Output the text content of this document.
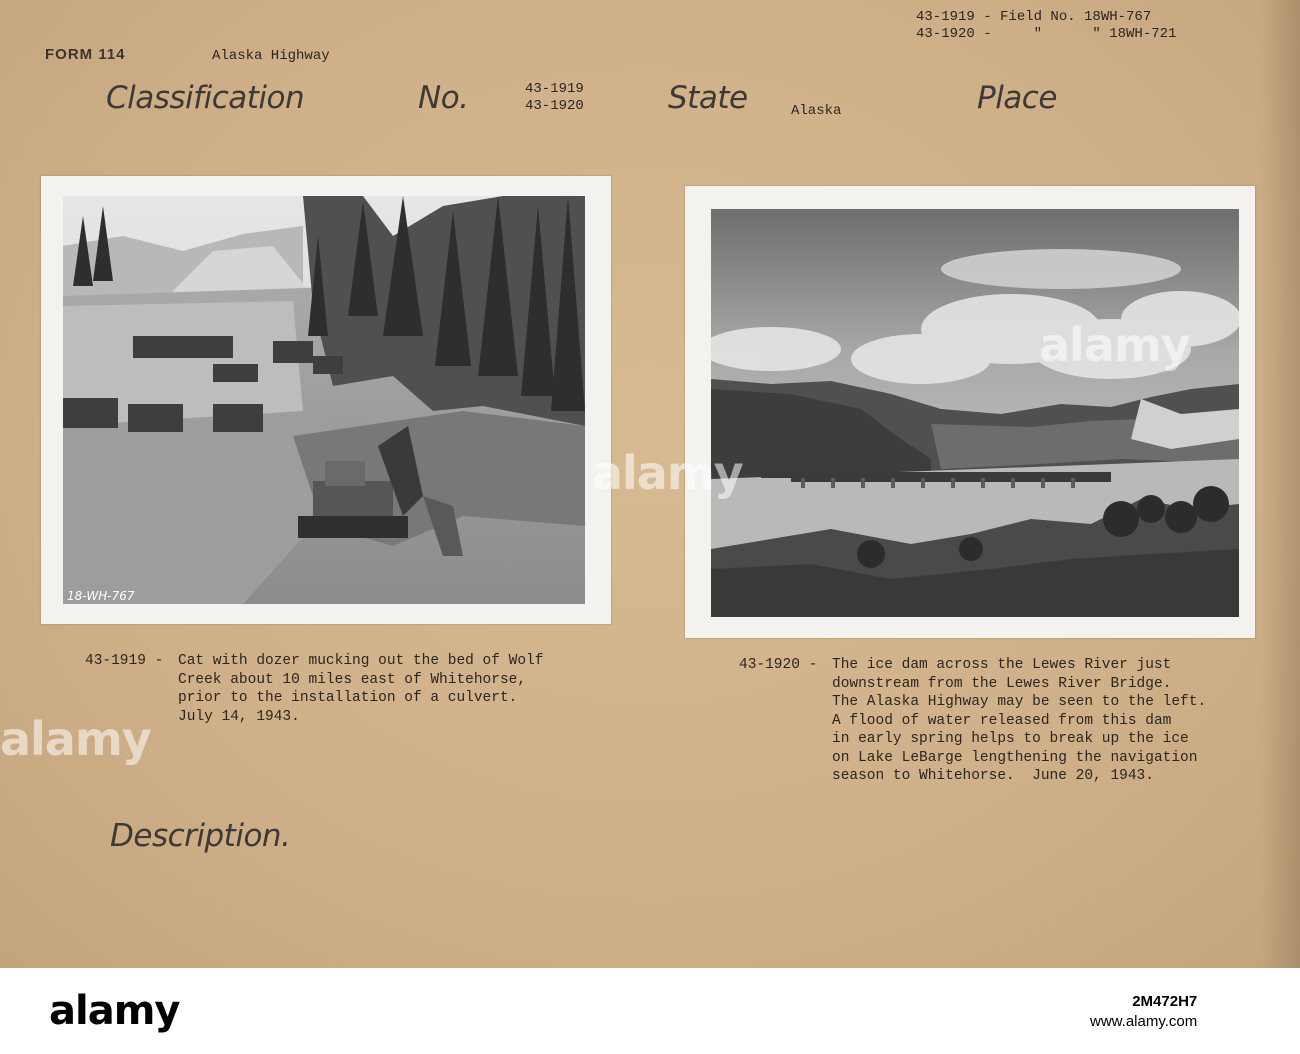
FORM 114	Alaska Highway
43-1919 - Field No. 18WH-767
43-1920 -     "      " 18WH-721
Classification	No.	43-1919
43-1920	State	Alaska	Place
18-WH-767
43-1919 - Cat with dozer mucking out the bed of Wolf
Creek about 10 miles east of Whitehorse,
prior to the installation of a culvert.
July 14, 1943.
43-1920 - The ice dam across the Lewes River just
downstream from the Lewes River Bridge.
The Alaska Highway may be seen to the left.
A flood of water released from this dam
in early spring helps to break up the ice
on Lake LeBarge lengthening the navigation
season to Whitehorse.  June 20, 1943.
Description.
alamy
alamy
alamy
alamy	2M472H7
www.alamy.com
